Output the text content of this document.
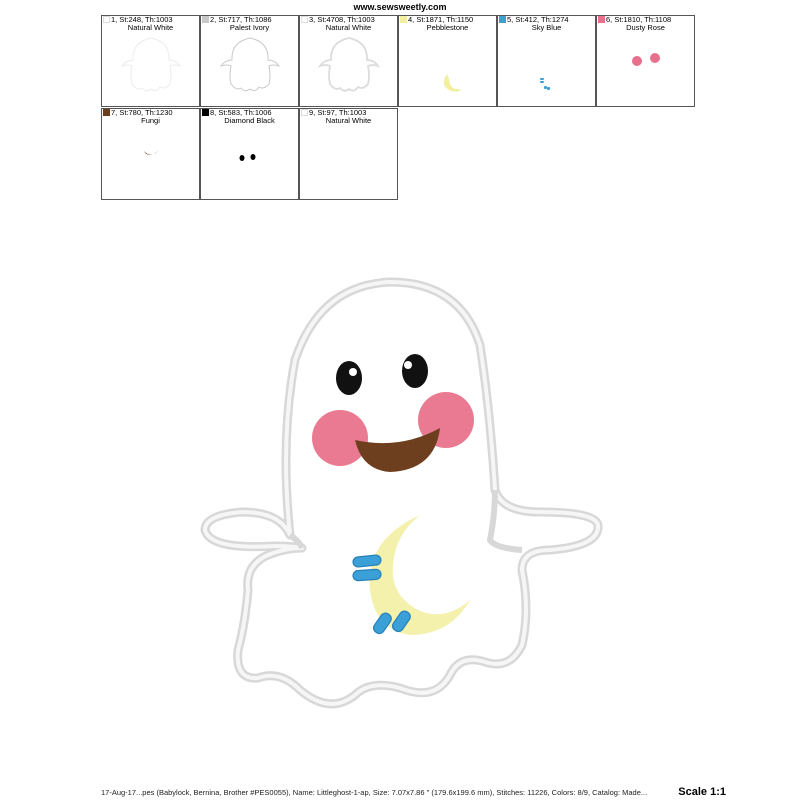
www.sewsweetly.com
1, St:248, Th:1003
Natural White
2, St:717, Th:1086
Palest Ivory
3, St:4708, Th:1003
Natural White
4, St:1871, Th:1150
Pebblestone
5, St:412, Th:1274
Sky Blue
6, St:1810, Th:1108
Dusty Rose
7, St:780, Th:1230
Fungi
8, St:583, Th:1006
Diamond Black
9, St:97, Th:1003
Natural White
17-Aug-17...pes (Babylock, Bernina, Brother #PES0055), Name: Littleghost-1-ap, Size: 7.07x7.86 " (179.6x199.6 mm), Stitches: 11226, Colors: 8/9, Catalog: Made...	Scale 1:1
